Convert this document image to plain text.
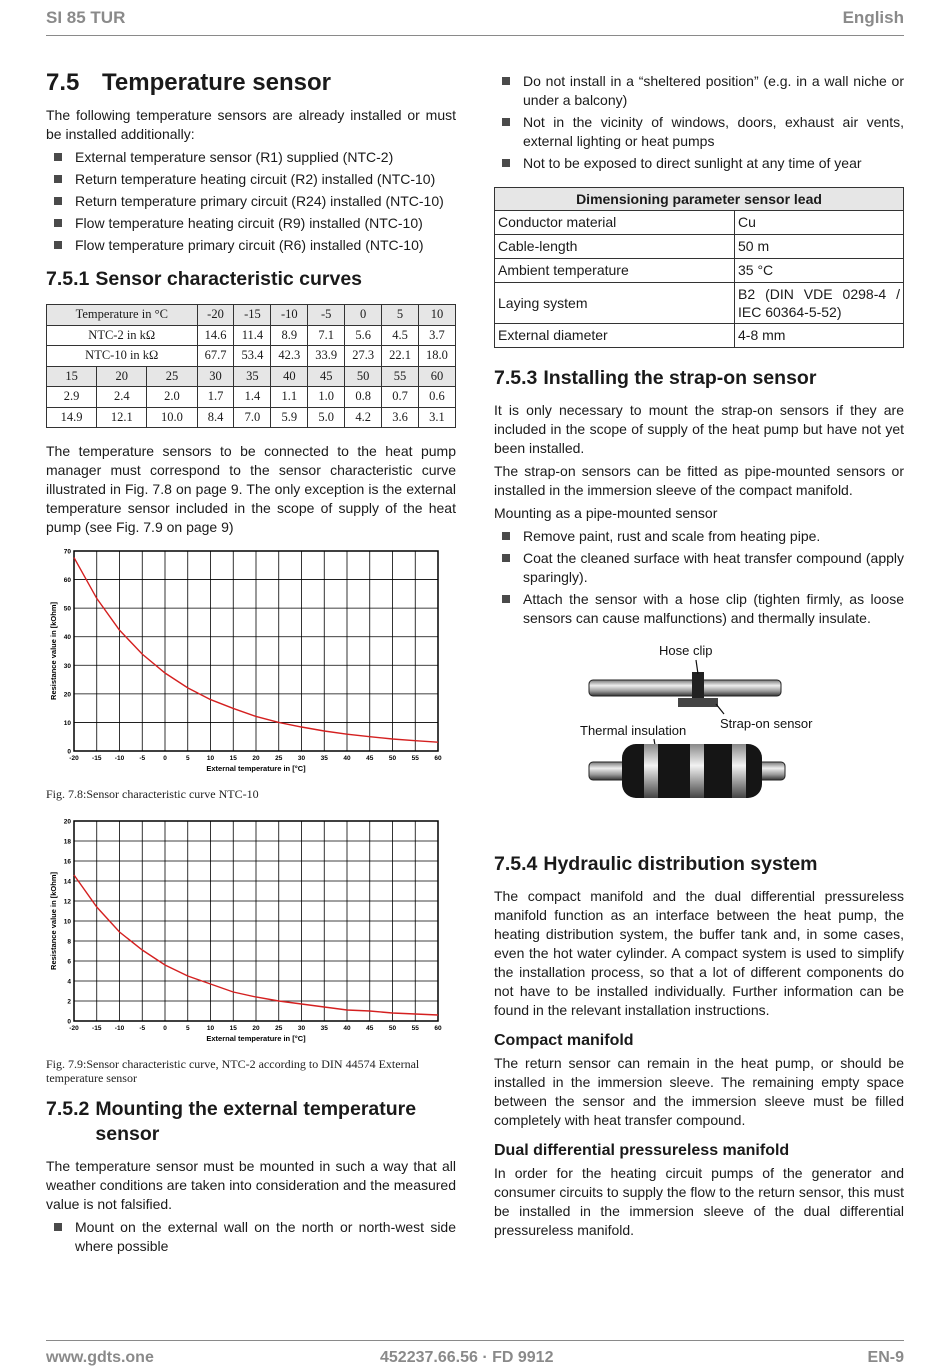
SI 85 TUR	English
7.5 Temperature sensor

The following temperature sensors are already installed or must be installed additionally:

External temperature sensor (R1) supplied (NTC-2)
Return temperature heating circuit (R2) installed (NTC-10)
Return temperature primary circuit (R24) installed (NTC-10)
Flow temperature heating circuit (R9) installed (NTC-10)
Flow temperature primary circuit (R6) installed (NTC-10)
7.5.1 Sensor characteristic curves
Temperature in °C			-20	-15	-10	-5	0	5	10
NTC-2 in kΩ			14.6	11.4	8.9	7.1	5.6	4.5	3.7
NTC-10 in kΩ			67.7	53.4	42.3	33.9	27.3	22.1	18.0
15	20	25	30	35	40	45	50	55	60
2.9	2.4	2.0	1.7	1.4	1.1	1.0	0.8	0.7	0.6
14.9	12.1	10.0	8.4	7.0	5.9	5.0	4.2	3.6	3.1

The temperature sensors to be connected to the heat pump manager must correspond to the sensor characteristic curve illustrated in Fig. 7.8 on page 9. The only exception is the external temperature sensor included in the scope of supply of the heat pump (see Fig. 7.9 on page 9)

-20 -15 -10 -5	0	5	10 15 20 25 30 35 40 45 50 55 60
0
10
20
30
40
50
60
70
External temperature in [°C]
Resistance value in [kOhm]
Fig. 7.8:Sensor characteristic curve NTC-10
-20 -15 -10 -5	0	5	10 15 20 25 30 35 40 45 50 55 60
0
2
4
6
8
10
12
14
16
18
20
External temperature in [°C]
Resistance value in [kOhm]
Fig. 7.9:Sensor characteristic curve, NTC-2 according to DIN 44574 External temperature sensor
7.5.2 Mounting the external temperature sensor

The temperature sensor must be mounted in such a way that all weather conditions are taken into consideration and the measured value is not falsified.

Mount on the external wall on the north or north-west side where possible
Do not install in a “sheltered position” (e.g. in a wall niche or under a balcony)
Not in the vicinity of windows, doors, exhaust air vents, external lighting or heat pumps
Not to be exposed to direct sunlight at any time of year
Dimensioning parameter sensor lead	
Conductor material	Cu
Cable-length	50 m
Ambient temperature	35 °C
Laying system	B2 (DIN VDE 0298-4 / IEC 60364-5-52)
External diameter	4-8 mm
7.5.3 Installing the strap-on sensor

It is only necessary to mount the strap-on sensors if they are included in the scope of supply of the heat pump but have not yet been installed.

The strap-on sensors can be fitted as pipe-mounted sensors or installed in the immersion sleeve of the compact manifold.

Mounting as a pipe-mounted sensor

Remove paint, rust and scale from heating pipe.
Coat the cleaned surface with heat transfer compound (apply sparingly).
Attach the sensor with a hose clip (tighten firmly, as loose sensors can cause malfunctions) and thermally insulate.
Hose clip
Strap-on sensor
Thermal insulation
7.5.4 Hydraulic distribution system

The compact manifold and the dual differential pressureless manifold function as an interface between the heat pump, the heating distribution system, the buffer tank and, in some cases, even the hot water cylinder. A compact system is used to simplify the installation process, so that a lot of different components do not have to be installed individually. Further information can be found in the relevant installation instructions.

Compact manifold

The return sensor can remain in the heat pump, or should be installed in the immersion sleeve. The remaining empty space between the sensor and the immersion sleeve must be filled completely with heat transfer compound.

Dual differential pressureless manifold

In order for the heating circuit pumps of the generator and consumer circuits to supply the flow to the return sensor, this must be installed in the immersion sleeve of the dual differential pressureless manifold.

www.gdts.one	452237.66.56 · FD 9912	EN-9
